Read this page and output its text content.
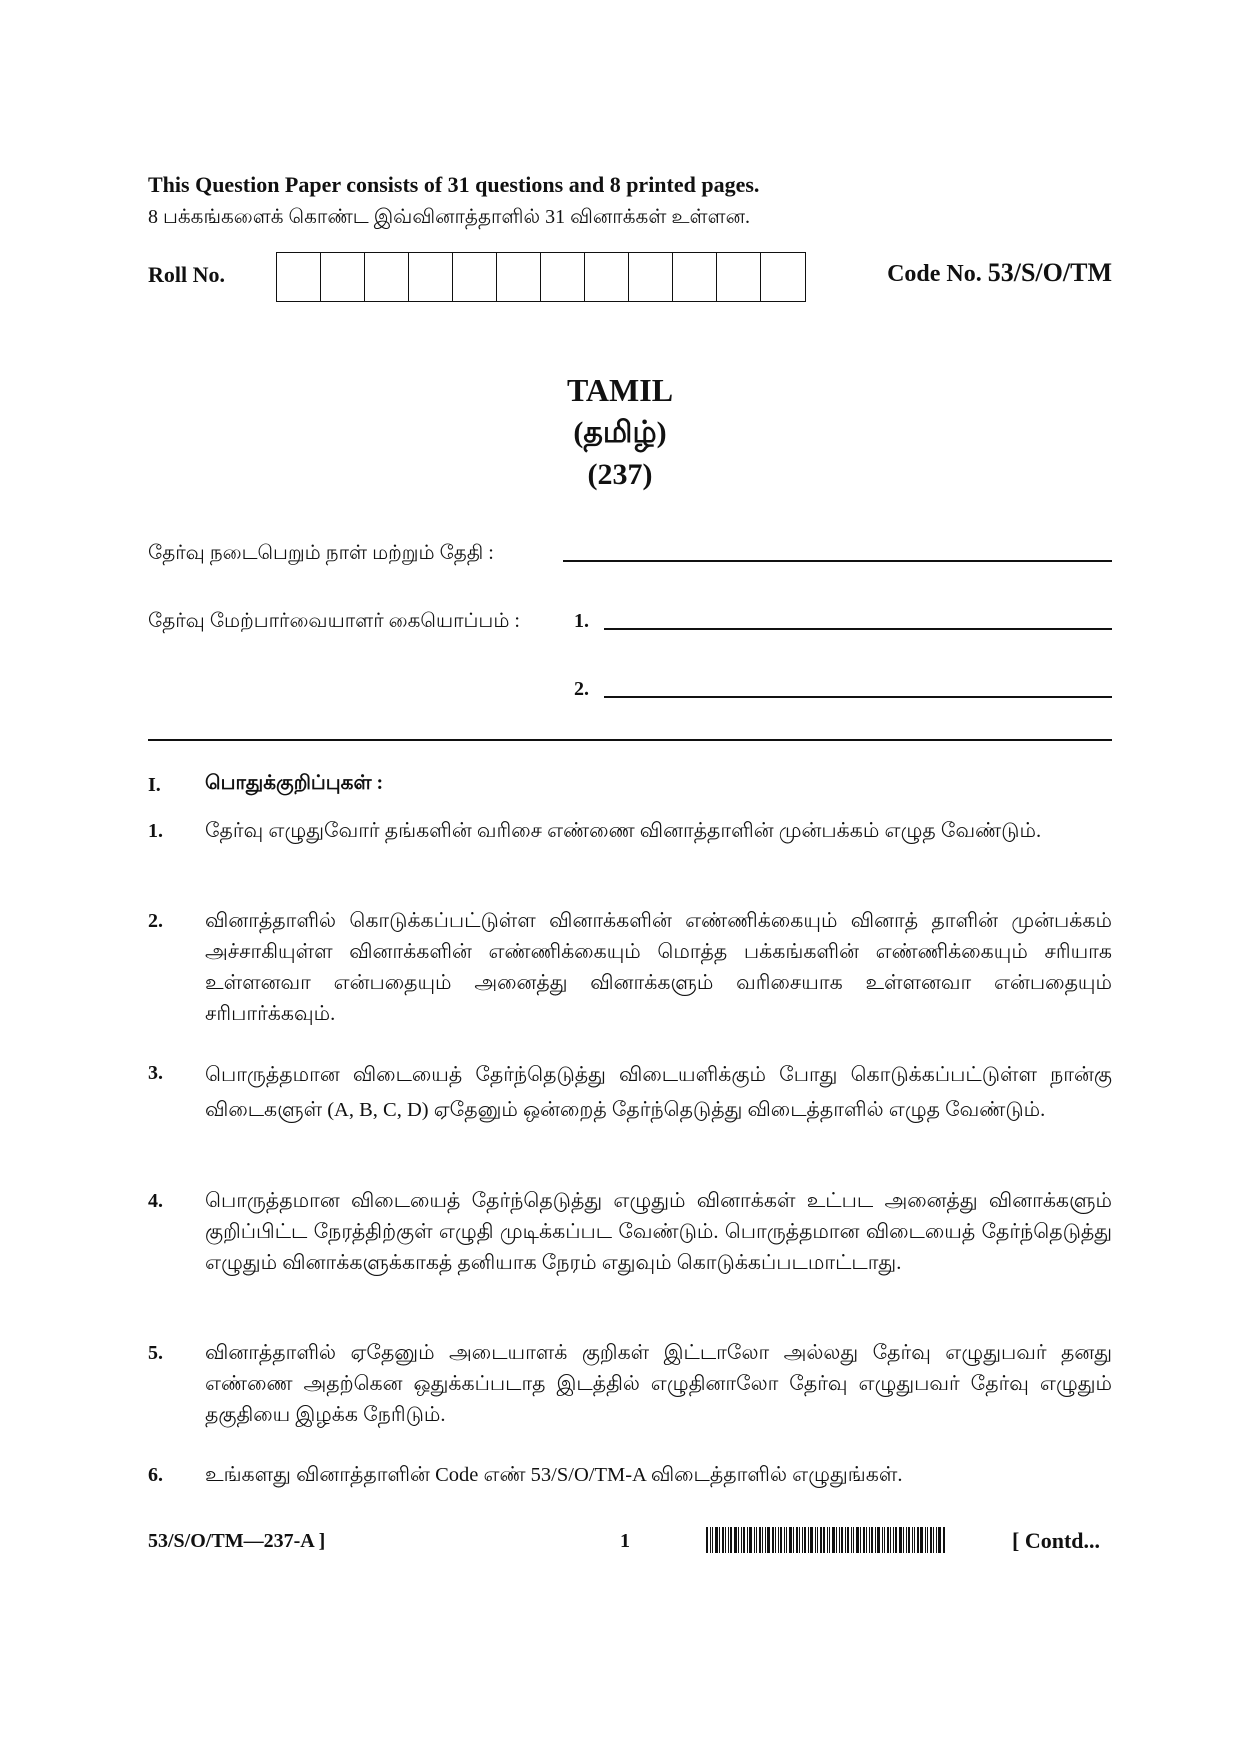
This Question Paper consists of 31 questions and 8 printed pages.
8 பக்கங்களைக் கொண்ட இவ்வினாத்தாளில் 31 வினாக்கள் உள்ளன.
Roll No.	Code No. 53/S/O/TM
TAMIL
(தமிழ்)
(237)
தேர்வு நடைபெறும் நாள் மற்றும் தேதி :
தேர்வு மேற்பார்வையாளர் கையொப்பம் :	1.
2.
I. பொதுக்குறிப்புகள் :
1. தேர்வு எழுதுவோர் தங்களின் வரிசை எண்ணை வினாத்தாளின் முன்பக்கம் எழுத வேண்டும்.
2. வினாத்தாளில் கொடுக்கப்பட்டுள்ள வினாக்களின் எண்ணிக்கையும் வினாத் தாளின் முன்பக்கம் அச்சாகியுள்ள வினாக்களின் எண்ணிக்கையும் மொத்த பக்கங்களின் எண்ணிக்கையும் சரியாக உள்ளனவா என்பதையும் அனைத்து வினாக்களும் வரிசையாக உள்ளனவா என்பதையும் சரிபார்க்கவும்.
3. பொருத்தமான விடையைத் தேர்ந்தெடுத்து விடையளிக்கும் போது கொடுக்கப்பட்டுள்ள நான்கு விடைகளுள் (A, B, C, D) ஏதேனும் ஒன்றைத் தேர்ந்தெடுத்து விடைத்தாளில் எழுத வேண்டும்.
4. பொருத்தமான விடையைத் தேர்ந்தெடுத்து எழுதும் வினாக்கள் உட்பட அனைத்து வினாக்களும் குறிப்பிட்ட நேரத்திற்குள் எழுதி முடிக்கப்பட வேண்டும். பொருத்தமான விடையைத் தேர்ந்தெடுத்து எழுதும் வினாக்களுக்காகத் தனியாக நேரம் எதுவும் கொடுக்கப்படமாட்டாது.
5. வினாத்தாளில் ஏதேனும் அடையாளக் குறிகள் இட்டாலோ அல்லது தேர்வு எழுதுபவர் தனது எண்ணை அதற்கென ஒதுக்கப்படாத இடத்தில் எழுதினாலோ தேர்வு எழுதுபவர் தேர்வு எழுதும் தகுதியை இழக்க நேரிடும்.
6. உங்களது வினாத்தாளின் Code எண் 53/S/O/TM-A விடைத்தாளில் எழுதுங்கள்.
53/S/O/TM—237-A ]	1	[ Contd...
